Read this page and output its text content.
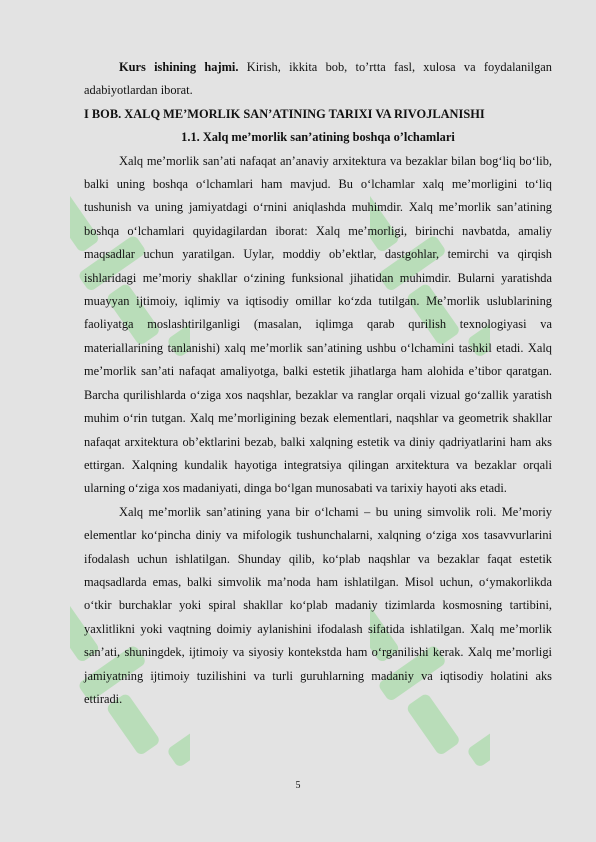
Kurs ishining hajmi. Kirish, ikkita bob, to’rtta fasl, xulosa va foydalanilgan adabiyotlardan iborat.

I BOB. XALQ ME’MORLIK SAN’ATINING TARIXI VA RIVOJLANISHI

1.1. Xalq me’morlik san’atining boshqa o’lchamlari

Xalq me’morlik san’ati nafaqat an’anaviy arxitektura va bezaklar bilan bog‘liq bo‘lib, balki uning boshqa o‘lchamlari ham mavjud. Bu o‘lchamlar xalq me’morligini to‘liq tushunish va uning jamiyatdagi o‘rnini aniqlashda muhimdir. Xalq me’morlik san’atining boshqa o‘lchamlari quyidagilardan iborat: Xalq me’morligi, birinchi navbatda, amaliy maqsadlar uchun yaratilgan. Uylar, moddiy ob’ektlar, dastgohlar, temirchi va qirqish ishlaridagi me’moriy shakllar o‘zining funksional jihatidan muhimdir. Bularni yaratishda muayyan ijtimoiy, iqlimiy va iqtisodiy omillar ko‘zda tutilgan. Me’morlik uslublarining faoliyatga moslashtirilganligi (masalan, iqlimga qarab qurilish texnologiyasi va materiallarining tanlanishi) xalq me’morlik san’atining ushbu o‘lchamini tashkil etadi. Xalq me’morlik san’ati nafaqat amaliyotga, balki estetik jihatlarga ham alohida e’tibor qaratgan. Barcha qurilishlarda o‘ziga xos naqshlar, bezaklar va ranglar orqali vizual go‘zallik yaratish muhim o‘rin tutgan. Xalq me’morligining bezak elementlari, naqshlar va geometrik shakllar nafaqat arxitektura ob’ektlarini bezab, balki xalqning estetik va diniy qadriyatlarini ham aks ettirgan. Xalqning kundalik hayotiga integratsiya qilingan arxitektura va bezaklar orqali ularning o‘ziga xos madaniyati, dinga bo‘lgan munosabati va tarixiy hayoti aks etadi.

Xalq me’morlik san’atining yana bir o‘lchami – bu uning simvolik roli. Me’moriy elementlar ko‘pincha diniy va mifologik tushunchalarni, xalqning o‘ziga xos tasavvurlarini ifodalash uchun ishlatilgan. Shunday qilib, ko‘plab naqshlar va bezaklar faqat estetik maqsadlarda emas, balki simvolik ma’noda ham ishlatilgan. Misol uchun, o‘ymakorlikda o‘tkir burchaklar yoki spiral shakllar ko‘plab madaniy tizimlarda kosmosning tartibini, yaxlitlikni yoki vaqtning doimiy aylanishini ifodalash sifatida ishlatilgan. Xalq me’morlik san’ati, shuningdek, ijtimoiy va siyosiy kontekstda ham o‘rganilishi kerak. Xalq me’morligi jamiyatning ijtimoiy tuzilishini va turli guruhlarning madaniy va iqtisodiy holatini aks ettiradi.

5
